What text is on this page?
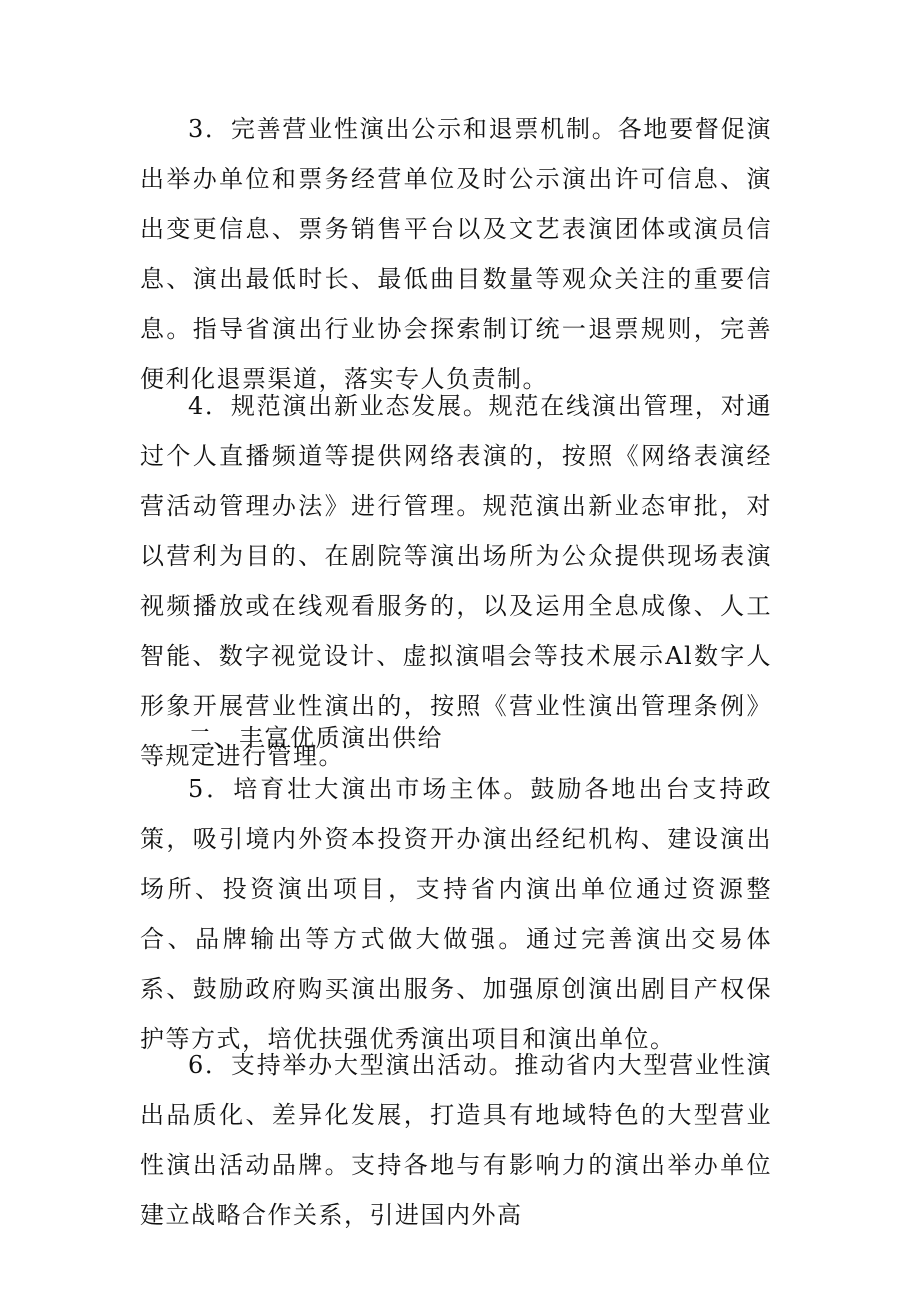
3．完善营业性演出公示和退票机制。各地要督促演出举办单位和票务经营单位及时公示演出许可信息、演出变更信息、票务销售平台以及文艺表演团体或演员信息、演出最低时长、最低曲目数量等观众关注的重要信息。指导省演出行业协会探索制订统一退票规则，完善便利化退票渠道，落实专人负责制。

4．规范演出新业态发展。规范在线演出管理，对通过个人直播频道等提供网络表演的，按照《网络表演经营活动管理办法》进行管理。规范演出新业态审批，对以营利为目的、在剧院等演出场所为公众提供现场表演视频播放或在线观看服务的，以及运用全息成像、人工智能、数字视觉设计、虚拟演唱会等技术展示Al数字人形象开展营业性演出的，按照《营业性演出管理条例》等规定进行管理。

二、丰富优质演出供给

5．培育壮大演出市场主体。鼓励各地出台支持政策，吸引境内外资本投资开办演出经纪机构、建设演出场所、投资演出项目，支持省内演出单位通过资源整合、品牌输出等方式做大做强。通过完善演出交易体系、鼓励政府购买演出服务、加强原创演出剧目产权保护等方式，培优扶强优秀演出项目和演出单位。

6．支持举办大型演出活动。推动省内大型营业性演出品质化、差异化发展，打造具有地域特色的大型营业性演出活动品牌。支持各地与有影响力的演出举办单位建立战略合作关系，引进国内外高
